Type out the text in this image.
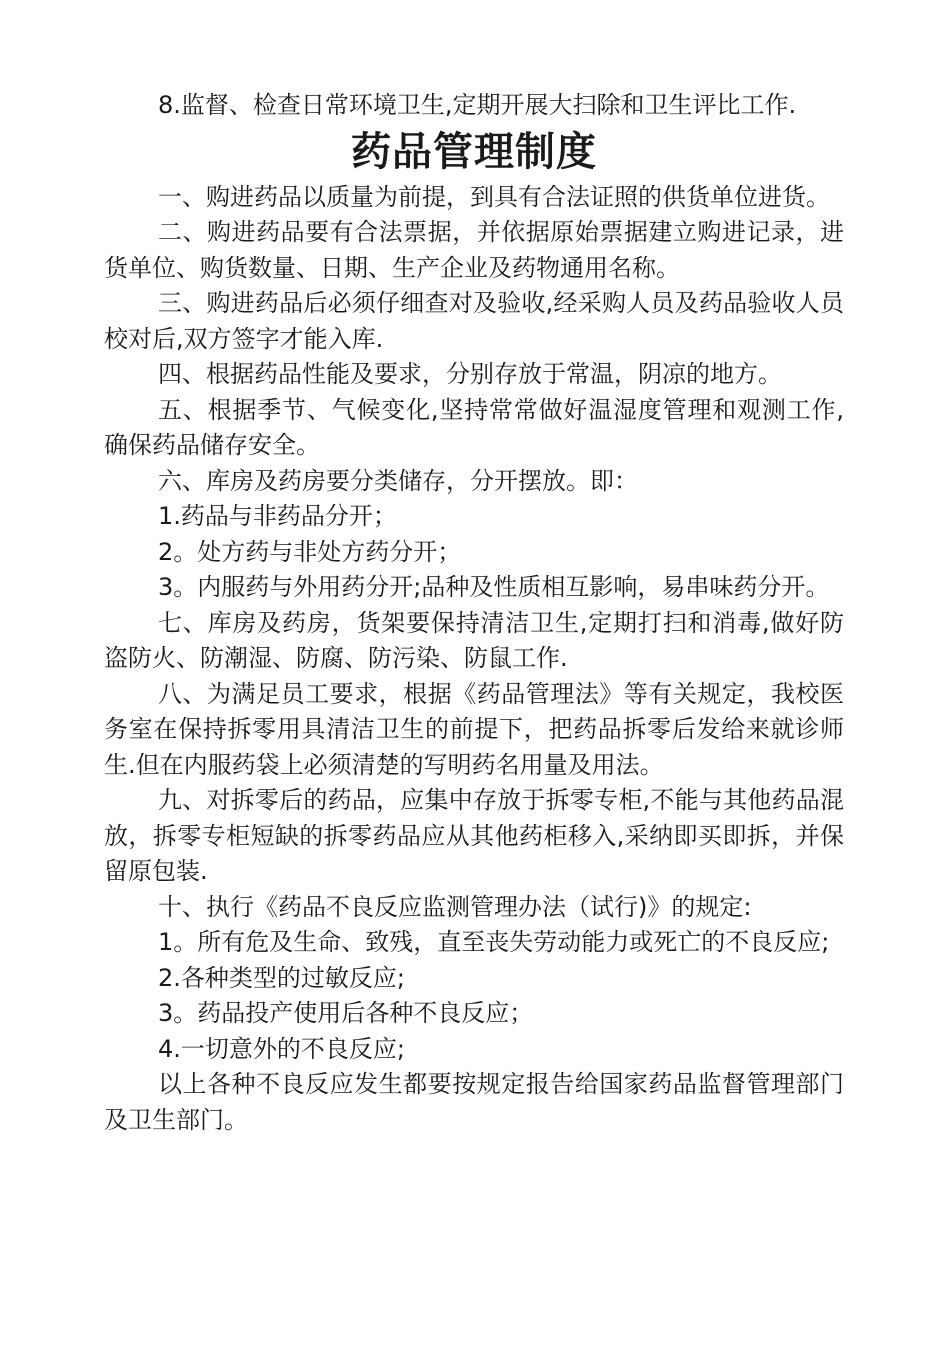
8.监督、检查日常环境卫生,定期开展大扫除和卫生评比工作.

药品管理制度

一、购进药品以质量为前提，到具有合法证照的供货单位进货。

二、购进药品要有合法票据，并依据原始票据建立购进记录，进货单位、购货数量、日期、生产企业及药物通用名称。

三、购进药品后必须仔细查对及验收,经采购人员及药品验收人员校对后,双方签字才能入库.

四、根据药品性能及要求，分别存放于常温，阴凉的地方。

五、根据季节、气候变化,坚持常常做好温湿度管理和观测工作,确保药品储存安全。

六、库房及药房要分类储存，分开摆放。即：

1.药品与非药品分开；

2。处方药与非处方药分开；

3。内服药与外用药分开;品种及性质相互影响，易串味药分开。

七、库房及药房，货架要保持清洁卫生,定期打扫和消毒,做好防盗防火、防潮湿、防腐、防污染、防鼠工作.

八、为满足员工要求，根据《药品管理法》等有关规定，我校医务室在保持拆零用具清洁卫生的前提下，把药品拆零后发给来就诊师生.但在内服药袋上必须清楚的写明药名用量及用法。

九、对拆零后的药品，应集中存放于拆零专柜,不能与其他药品混放，拆零专柜短缺的拆零药品应从其他药柜移入,采纳即买即拆，并保留原包装.

十、执行《药品不良反应监测管理办法（试行)》的规定:

1。所有危及生命、致残，直至丧失劳动能力或死亡的不良反应;

2.各种类型的过敏反应;

3。药品投产使用后各种不良反应；

4.一切意外的不良反应;

以上各种不良反应发生都要按规定报告给国家药品监督管理部门及卫生部门。
